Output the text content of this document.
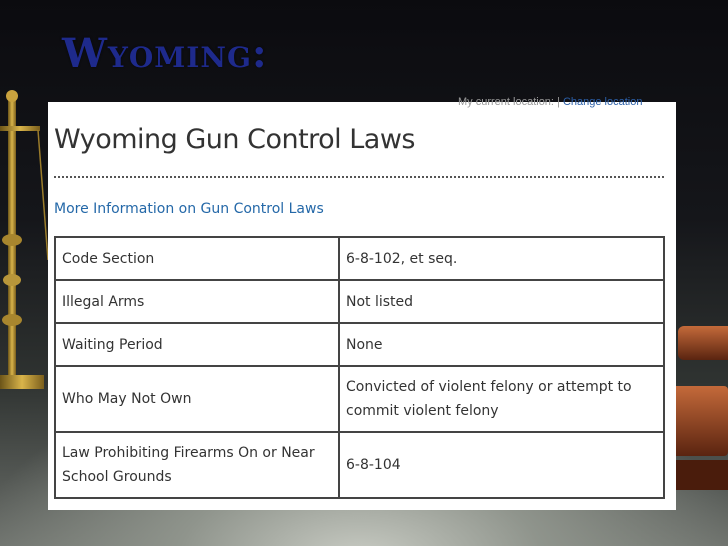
Wyoming:
My current location: | Change location
Wyoming Gun Control Laws
More Information on Gun Control Laws
Code Section	6-8-102, et seq.
Illegal Arms	Not listed
Waiting Period	None
Who May Not Own	Convicted of violent felony or attempt to commit violent felony
Law Prohibiting Firearms On or Near School Grounds	6-8-104
